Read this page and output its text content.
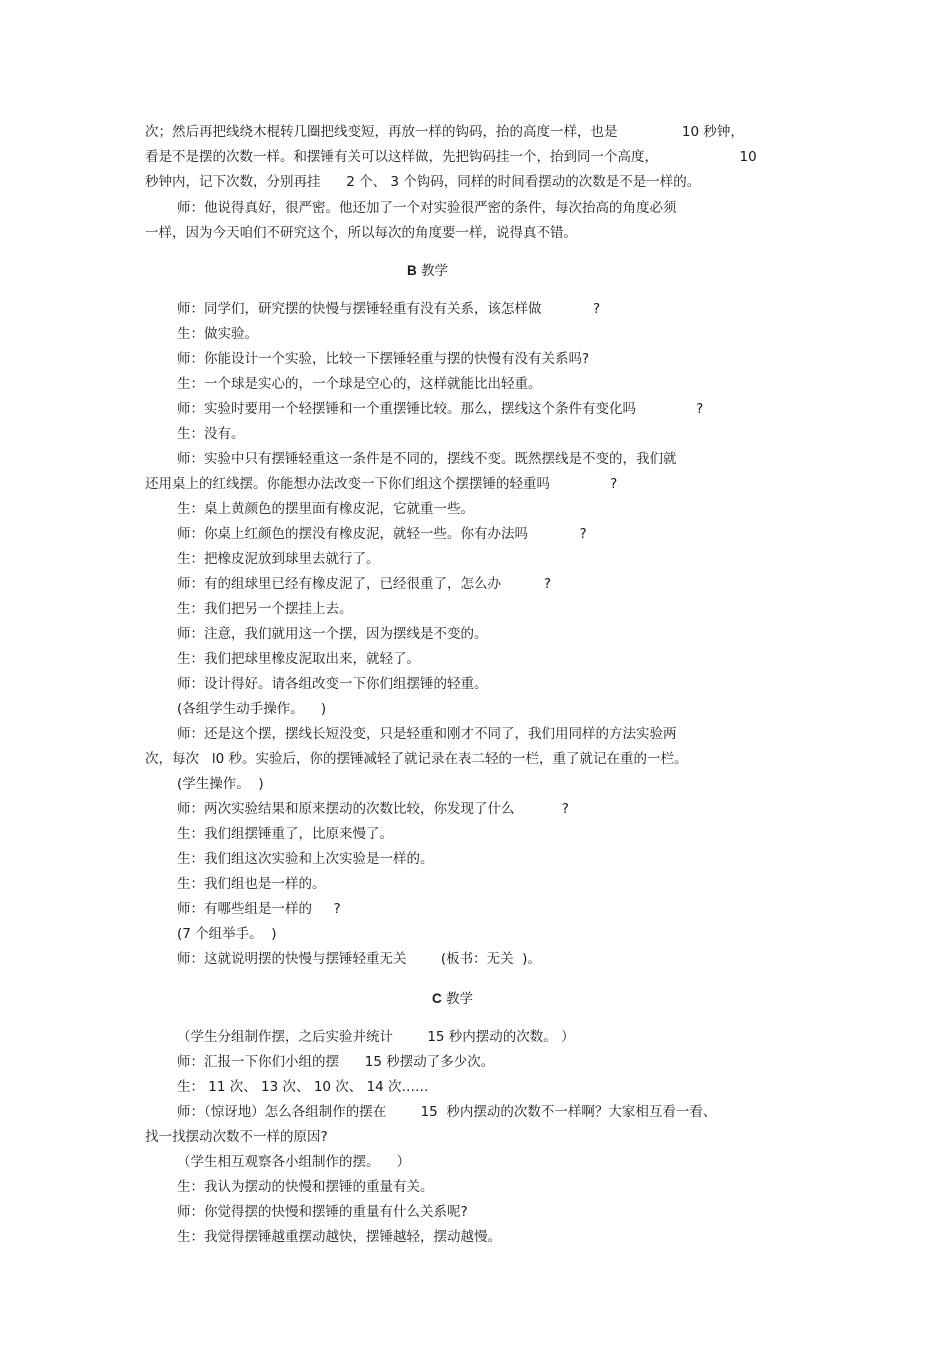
次；然后再把线绕木棍转几圈把线变短，再放一样的钩码，抬的高度一样，也是               10 秒钟，
看是不是摆的次数一样。和摆锤有关可以这样做，先把钩码挂一个，抬到同一个高度，                   10
秒钟内，记下次数，分别再挂      2 个、 3 个钩码，同样的时间看摆动的次数是不是一样的。
师：他说得真好，很严密。他还加了一个对实验很严密的条件，每次抬高的角度必须
一样，因为今天咱们不研究这个，所以每次的角度要一样，说得真不错。
B 教学
师：同学们，研究摆的快慢与摆锤轻重有没有关系，该怎样做            ?
生：做实验。
师：你能设计一个实验，比较一下摆锤轻重与摆的快慢有没有关系吗?
生：一个球是实心的，一个球是空心的，这样就能比出轻重。
师：实验时要用一个轻摆锤和一个重摆锤比较。那么，摆线这个条件有变化吗              ?
生：没有。
师：实验中只有摆锤轻重这一条件是不同的，摆线不变。既然摆线是不变的，我们就
还用桌上的红线摆。你能想办法改变一下你们组这个摆摆锤的轻重吗              ?
生：桌上黄颜色的摆里面有橡皮泥，它就重一些。
师：你桌上红颜色的摆没有橡皮泥，就轻一些。你有办法吗            ?
生：把橡皮泥放到球里去就行了。
师：有的组球里已经有橡皮泥了，已经很重了，怎么办          ?
生：我们把另一个摆挂上去。
师：注意，我们就用这一个摆，因为摆线是不变的。
生：我们把球里橡皮泥取出来，就轻了。
师：设计得好。请各组改变一下你们组摆锤的轻重。
(各组学生动手操作。    )
师：还是这个摆，摆线长短没变，只是轻重和刚才不同了，我们用同样的方法实验两
次，每次   l0 秒。实验后，你的摆锤减轻了就记录在表二轻的一栏，重了就记在重的一栏。
(学生操作。  )
师：两次实验结果和原来摆动的次数比较，你发现了什么           ?
生：我们组摆锤重了，比原来慢了。
生：我们组这次实验和上次实验是一样的。
生：我们组也是一样的。
师：有哪些组是一样的     ?
(7 个组举手。  )
师：这就说明摆的快慢与摆锤轻重无关        (板书：无关  )。
C 教学
（学生分组制作摆，之后实验并统计        15 秒内摆动的次数。 ）
师：汇报一下你们小组的摆      15 秒摆动了多少次。
生： 11 次、 13 次、 10 次、 14 次……
师：（惊讶地）怎么各组制作的摆在        15  秒内摆动的次数不一样啊？大家相互看一看、
找一找摆动次数不一样的原因?
（学生相互观察各小组制作的摆。    ）
生：我认为摆动的快慢和摆锤的重量有关。
师：你觉得摆的快慢和摆锤的重量有什么关系呢?
生：我觉得摆锤越重摆动越快，摆锤越轻，摆动越慢。
